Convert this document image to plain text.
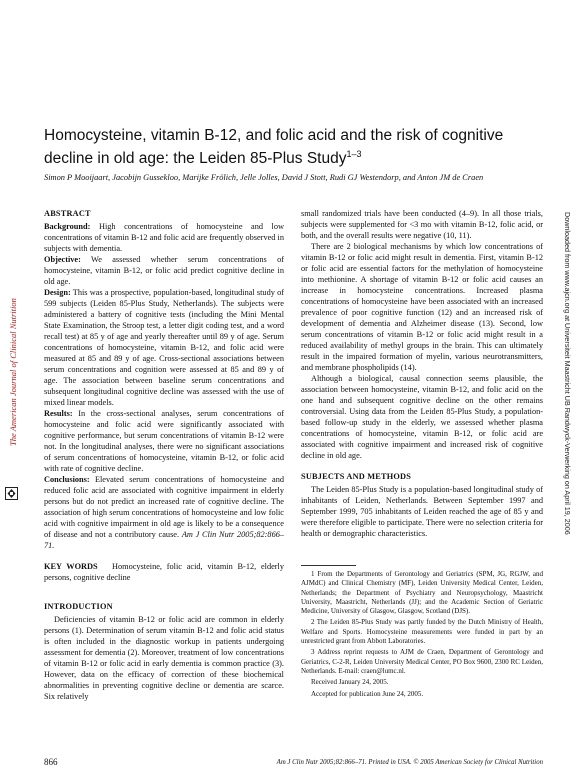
The American Journal of Clinical Nutrition	Downloaded from www.ajcn.org at Universiteit Maastricht UB Randwyck-Verwerking on April 19, 2006
Homocysteine, vitamin B-12, and folic acid and the risk of cognitive decline in old age: the Leiden 85-Plus Study$^{1-3}$
Simon P Mooijaart, Jacobijn Gussekloo, Marijke Frölich, Jelle Jolles, David J Stott, Rudi GJ Westendorp, and Anton JM de Craen
ABSTRACT

Background: High concentrations of homocysteine and low concentrations of vitamin B-12 and folic acid are frequently observed in subjects with dementia.

Objective: We assessed whether serum concentrations of homocysteine, vitamin B-12, or folic acid predict cognitive decline in old age.

Design: This was a prospective, population-based, longitudinal study of 599 subjects (Leiden 85-Plus Study, Netherlands). The subjects were administered a battery of cognitive tests (including the Mini Mental State Examination, the Stroop test, a letter digit coding test, and a word recall test) at 85 y of age and yearly thereafter until 89 y of age. Serum concentrations of homocysteine, vitamin B-12, and folic acid were measured at 85 and 89 y of age. Cross-sectional associations between serum concentrations and cognition were assessed at 85 and 89 y of age. The association between baseline serum concentrations and subsequent longitudinal cognitive decline was assessed with the use of mixed linear models.

Results: In the cross-sectional analyses, serum concentrations of homocysteine and folic acid were significantly associated with cognitive performance, but serum concentrations of vitamin B-12 were not. In the longitudinal analyses, there were no significant associations of serum concentrations of homocysteine, vitamin B-12, or folic acid with rate of cognitive decline.

Conclusions: Elevated serum concentrations of homocysteine and reduced folic acid are associated with cognitive impairment in elderly persons but do not predict an increased rate of cognitive decline. The association of high serum concentrations of homocysteine and low folic acid with cognitive impairment in old age is likely to be a consequence of disease and not a contributory cause. Am J Clin Nutr 2005;82:866–71.

KEY WORDS Homocysteine, folic acid, vitamin B-12, elderly persons, cognitive decline

INTRODUCTION

Deficiencies of vitamin B-12 or folic acid are common in elderly persons (1). Determination of serum vitamin B-12 and folic acid status is often included in the diagnostic workup in patients undergoing assessment for dementia (2). Moreover, treatment of low concentrations of vitamin B-12 or folic acid in early dementia is common practice (3). However, data on the efficacy of correction of these biochemical abnormalities in preventing cognitive decline or dementia are scarce. Six relatively

small randomized trials have been conducted (4–9). In all those trials, subjects were supplemented for <3 mo with vitamin B-12, folic acid, or both, and the overall results were negative (10, 11).

There are 2 biological mechanisms by which low concentrations of vitamin B-12 or folic acid might result in dementia. First, vitamin B-12 or folic acid are essential factors for the methylation of homocysteine into methionine. A shortage of vitamin B-12 or folic acid causes an increase in homocysteine concentrations. Increased plasma concentrations of homocysteine have been associated with an increased prevalence of poor cognitive function (12) and an increased risk of development of dementia and Alzheimer disease (13). Second, low serum concentrations of vitamin B-12 or folic acid might result in a reduced availability of methyl groups in the brain. This can ultimately result in the impaired formation of myelin, various neurotransmitters, and membrane phospholipids (14).

Although a biological, causal connection seems plausible, the association between homocysteine, vitamin B-12, and folic acid on the one hand and subsequent cognitive decline on the other remains controversial. Using data from the Leiden 85-Plus Study, a population-based follow-up study in the elderly, we assessed whether plasma concentrations of homocysteine, vitamin B-12, or folic acid are associated with cognitive impairment and increased risk of cognitive decline in old age.

SUBJECTS AND METHODS

The Leiden 85-Plus Study is a population-based longitudinal study of inhabitants of Leiden, Netherlands. Between September 1997 and September 1999, 705 inhabitants of Leiden reached the age of 85 y and were therefore eligible to participate. There were no selection criteria for health or demographic characteristics.

1 From the Departments of Gerontology and Geriatrics (SPM, JG, RGJW, and AJMdC) and Clinical Chemistry (MF), Leiden University Medical Center, Leiden, Netherlands; the Department of Psychiatry and Neuropsychology, Maastricht University, Maastricht, Netherlands (JJ); and the Academic Section of Geriatric Medicine, University of Glasgow, Glasgow, Scotland (DJS).

2 The Leiden 85-Plus Study was partly funded by the Dutch Ministry of Health, Welfare and Sports. Homocysteine measurements were funded in part by an unrestricted grant from Abbott Laboratories.

3 Address reprint requests to AJM de Craen, Department of Gerontology and Geriatrics, C-2-R, Leiden University Medical Center, PO Box 9600, 2300 RC Leiden, Netherlands. E-mail: craen@lumc.nl.

Received January 24, 2005.

Accepted for publication June 24, 2005.

866	Am J Clin Nutr 2005;82:866–71. Printed in USA. © 2005 American Society for Clinical Nutrition
